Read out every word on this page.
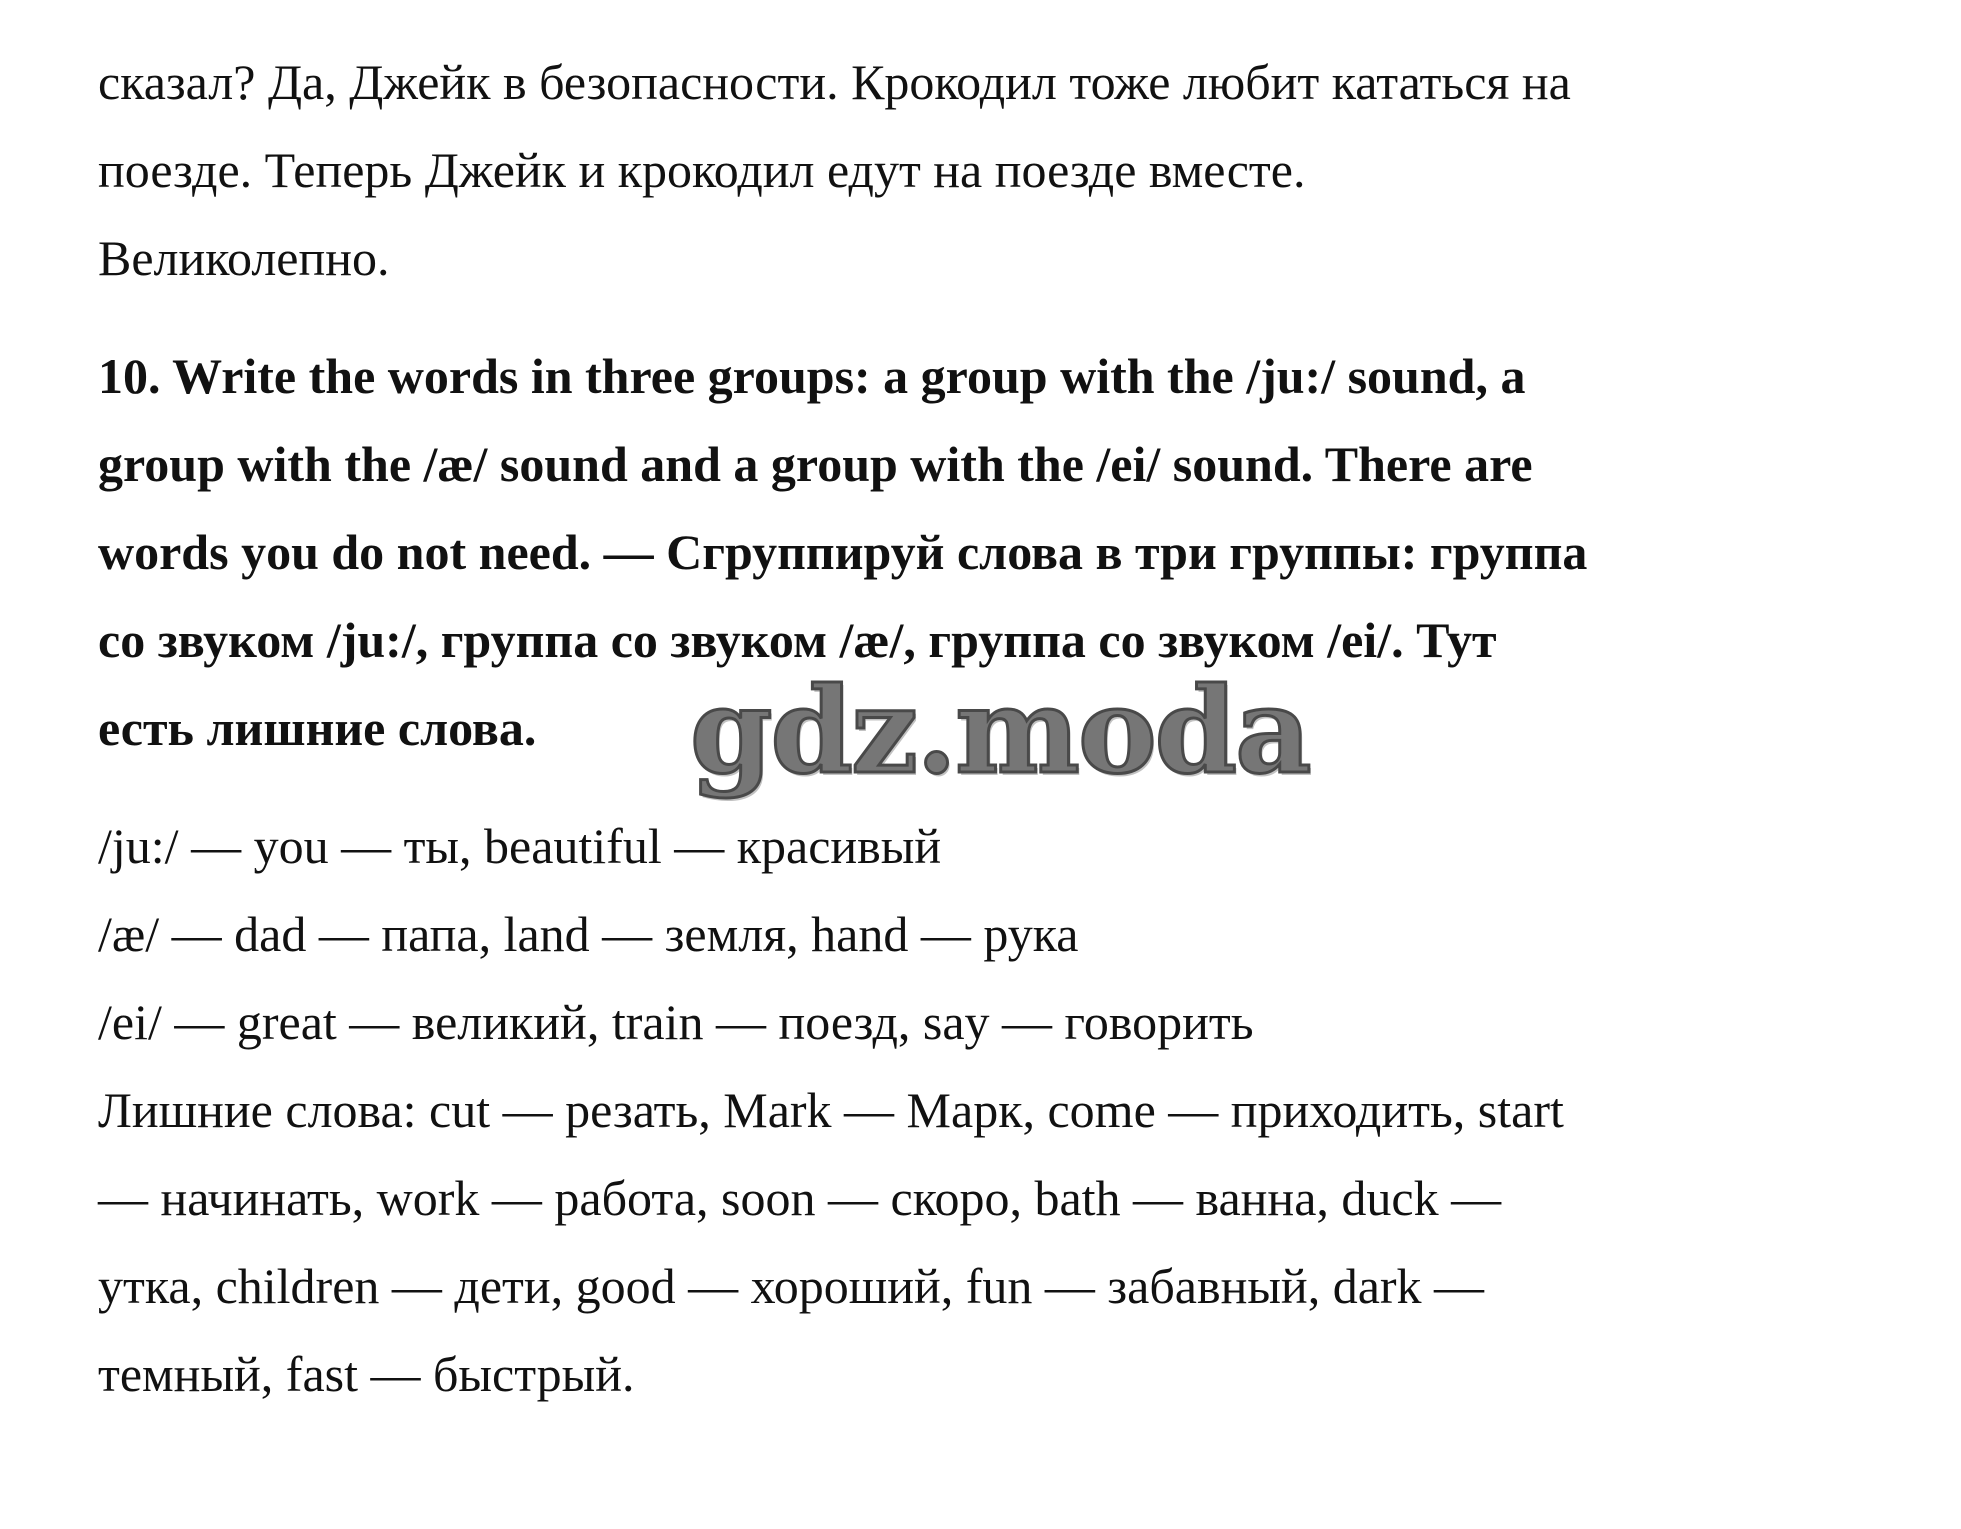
сказал? Да, Джейк в безопасности. Крокодил тоже любит кататься на
поезде. Теперь Джейк и крокодил едут на поезде вместе.
Великолепно.

10. Write the words in three groups: a group with the /ju:/ sound, a
group with the /æ/ sound and a group with the /ei/ sound. There are
words you do not need. — Сгруппируй слова в три группы: группа
со звуком /ju:/, группа со звуком /æ/, группа со звуком /ei/. Тут
есть лишние слова.
/ju:/ — you — ты, beautiful — красивый
/æ/ — dad — папа, land — земля, hand — рука
/ei/ — great — великий, train — поезд, say — говорить
Лишние слова: cut — резать, Mark — Марк, come — приходить, start
— начинать, work — работа, soon — скоро, bath — ванна, duck —
утка, children — дети, good — хороший, fun — забавный, dark —
темный, fast — быстрый.
gdz.moda
